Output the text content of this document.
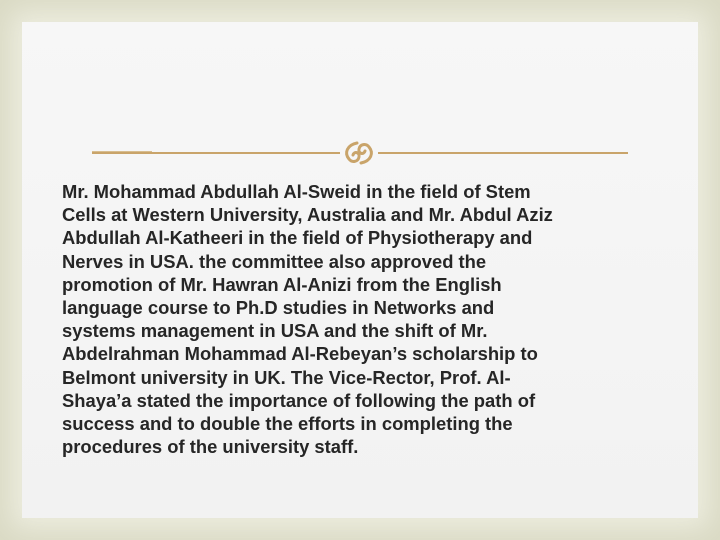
Mr. Mohammad Abdullah Al-Sweid in the field of Stem
Cells at Western University, Australia and Mr. Abdul Aziz
Abdullah Al-Katheeri in the field of Physiotherapy and
Nerves in USA. the committee also approved the
promotion of Mr. Hawran Al-Anizi from the English
language course to Ph.D studies in Networks and
systems management in USA and the shift of Mr.
Abdelrahman Mohammad Al-Rebeyan’s scholarship to
Belmont university in UK. The Vice-Rector, Prof. Al-
Shaya’a stated the importance of following the path of
success and to double the efforts in completing the
procedures of the university staff.
